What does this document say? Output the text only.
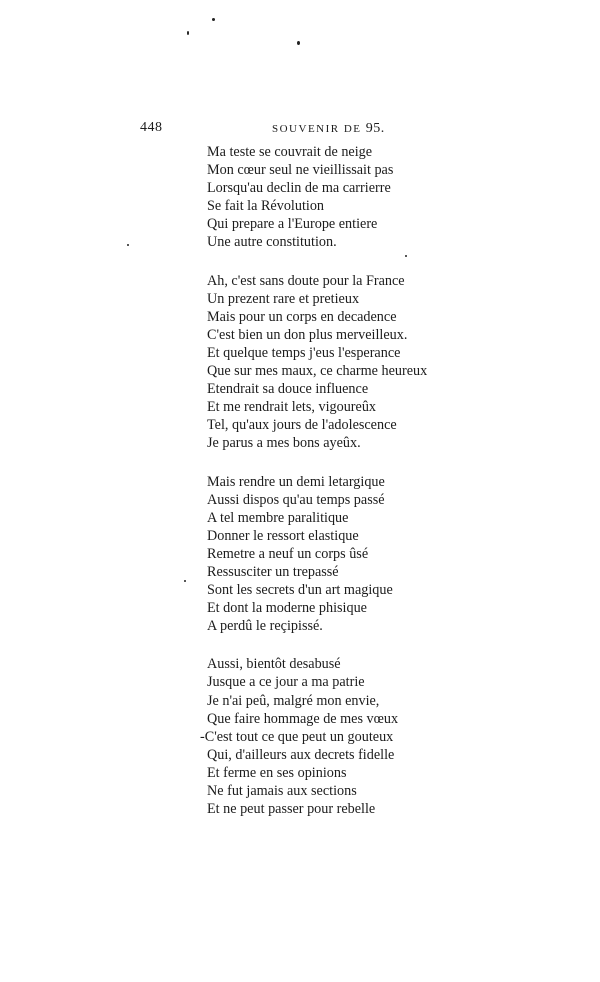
448	SOUVENIR DE 95.
Ma teste se couvrait de neige
Mon cœur seul ne vieillissait pas
Lorsqu'au declin de ma carrierre
Se fait la Révolution
Qui prepare a l'Europe entiere
Une autre constitution.
Ah, c'est sans doute pour la France
Un prezent rare et pretieux
Mais pour un corps en decadence
C'est bien un don plus merveilleux.
Et quelque temps j'eus l'esperance
Que sur mes maux, ce charme heureux
Etendrait sa douce influence
Et me rendrait lets, vigoureûx
Tel, qu'aux jours de l'adolescence
Je parus a mes bons ayeûx.
Mais rendre un demi letargique
Aussi dispos qu'au temps passé
A tel membre paralitique
Donner le ressort elastique
Remetre a neuf un corps ûsé
Ressusciter un trepassé
Sont les secrets d'un art magique
Et dont la moderne phisique
A perdû le reçipissé.
Aussi, bientôt desabusé
Jusque a ce jour a ma patrie
Je n'ai peû, malgré mon envie,
Que faire hommage de mes vœux
-C'est tout ce que peut un gouteux
Qui, d'ailleurs aux decrets fidelle
Et ferme en ses opinions
Ne fut jamais aux sections
Et ne peut passer pour rebelle
